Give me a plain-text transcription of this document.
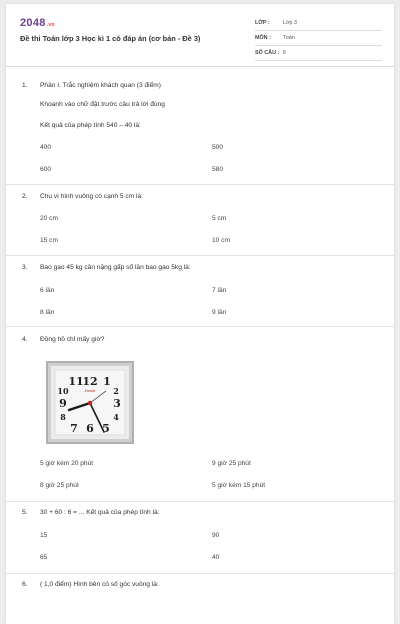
2048.vn
Đề thi Toán lớp 3 Học kì 1 có đáp án (cơ bản - Đề 3)
LỚP : Lớp 3
MÔN : Toán
SỐ CÂU : 6
1. Phần I. Trắc nghiệm khách quan (3 điểm)
Khoanh vào chữ đặt trước câu trả lời đúng
Kết quả của phép tính 540 – 40 là:
400	500
600	580
2. Chu vi hình vuông có cạnh 5 cm là:
20 cm	5 cm
15 cm	10 cm
3. Bao gạo 45 kg cân nặng gấp số lần bao gạo 5kg là:
6 lần	7 lần
8 lần	9 lần
4. Đồng hồ chỉ mấy giờ?
11
12 1
9	3
7 6 5
10	2
8	4
Eastar
5 giờ kém 20 phút	9 giờ 25 phút
8 giờ 25 phút	5 giờ kém 15 phút
5. 30 + 60 : 6 = ... Kết quả của phép tính là:
15	90
65	40
6. ( 1,0 điểm) Hình bên có số góc vuông là:
